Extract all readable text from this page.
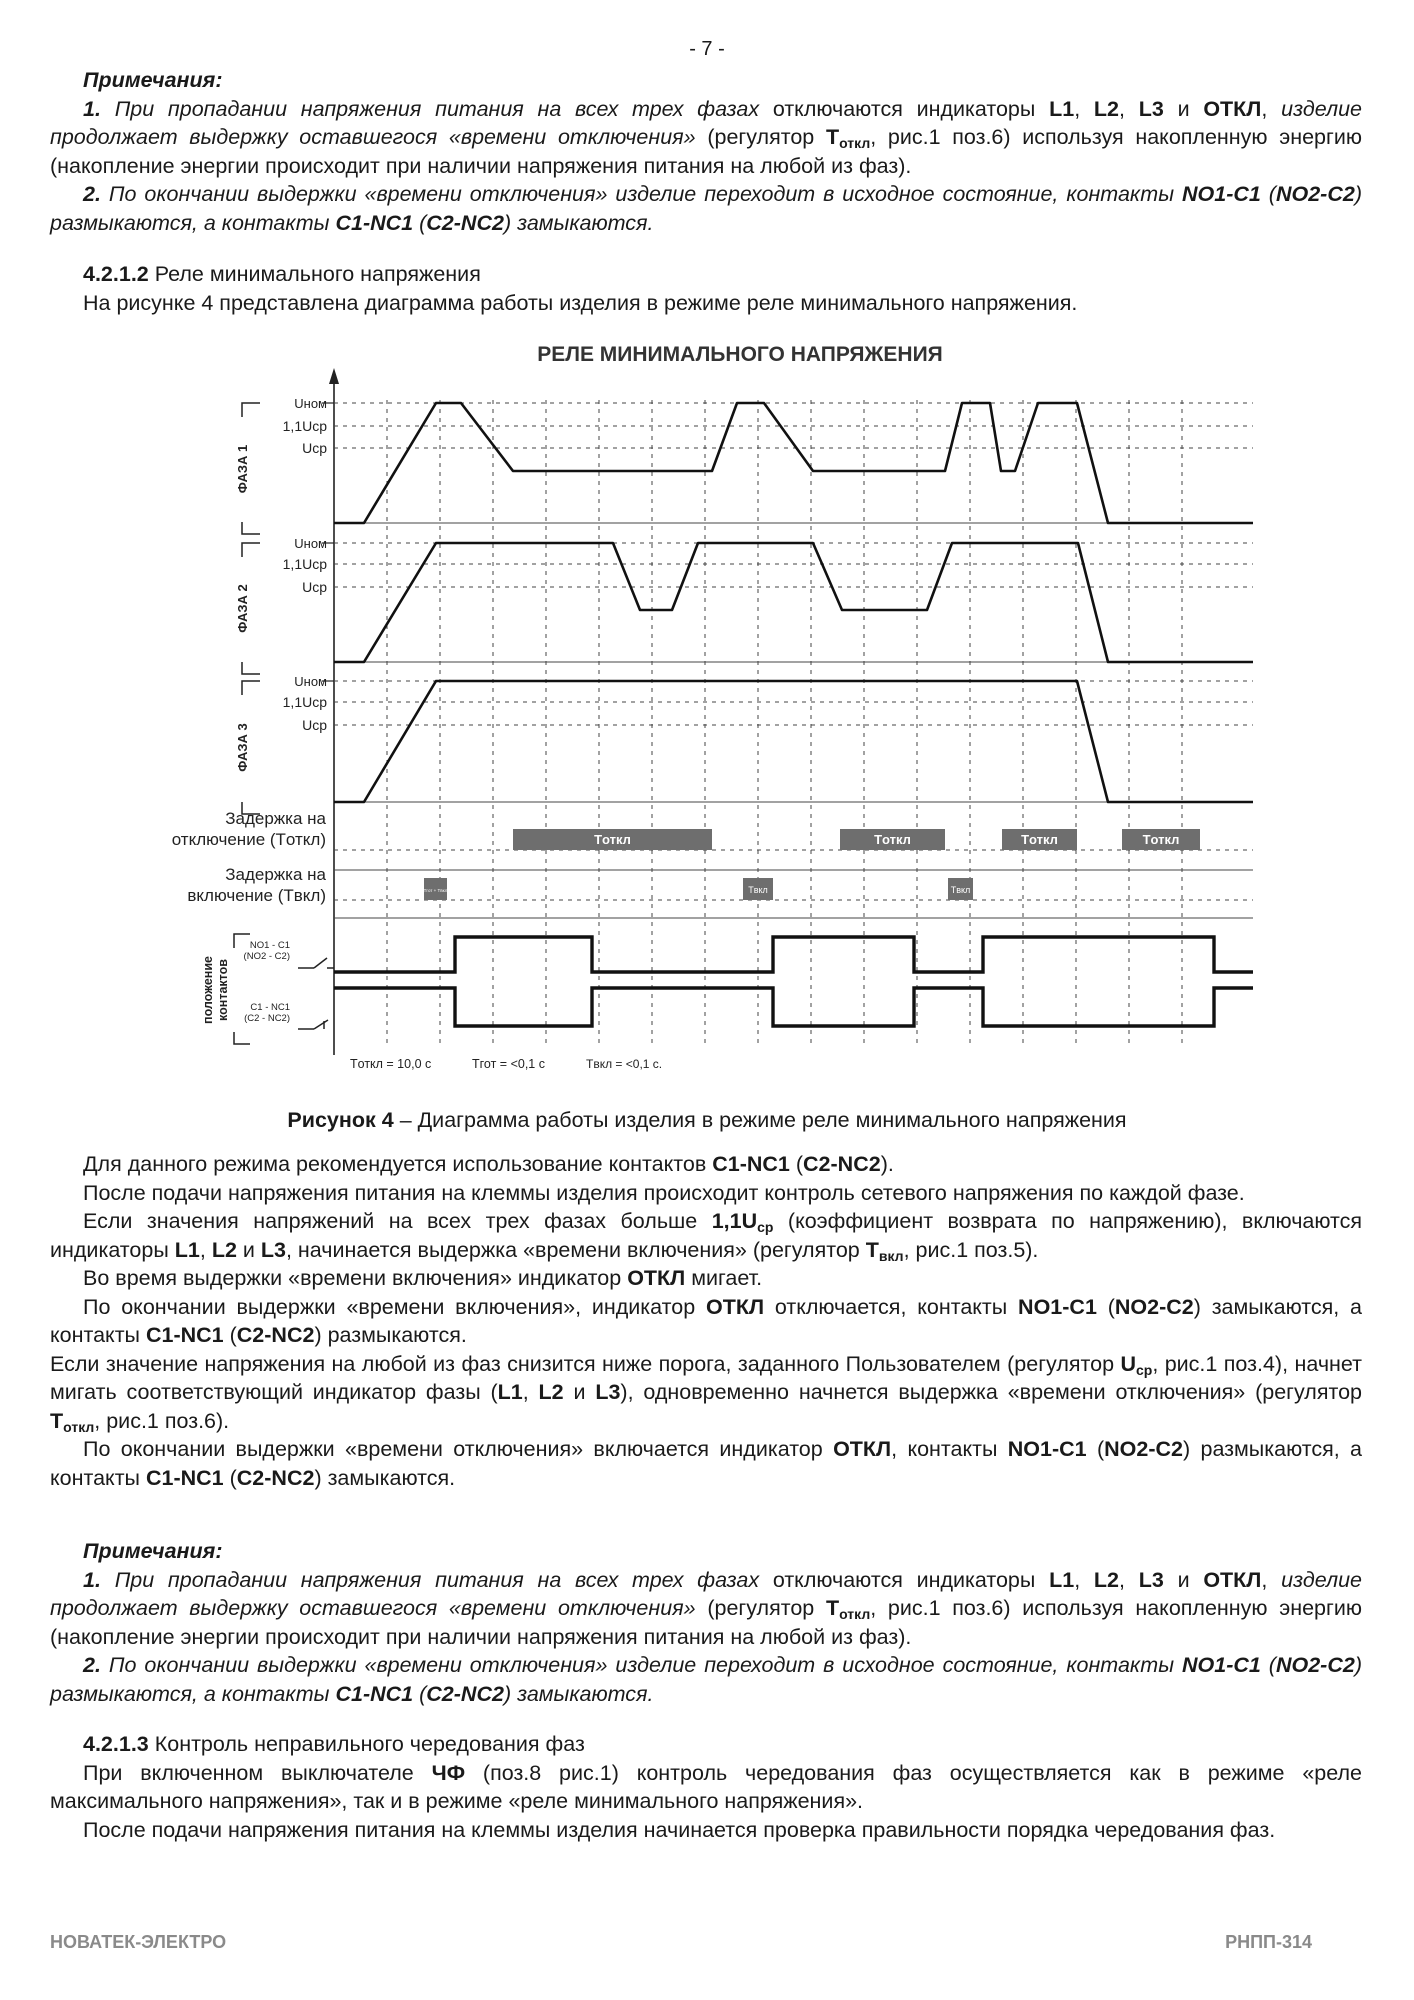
- 7 -

Примечания:

1. При пропадании напряжения питания на всех трех фазах отключаются индикаторы L1, L2, L3 и ОТКЛ, изделие продолжает выдержку оставшегося «времени отключения» (регулятор $Т_{откл}$, рис.1 поз.6) используя накопленную энергию (накопление энергии происходит при наличии напряжения питания на любой из фаз).

2. По окончании выдержки «времени отключения» изделие переходит в исходное состояние, контакты NO1-C1 (NO2-C2) размыкаются, а контакты C1-NC1 (C2-NC2) замыкаются.

4.2.1.2 Реле минимального напряжения

На рисунке 4 представлена диаграмма работы изделия в режиме реле минимального напряжения.

РЕЛЕ МИНИМАЛЬНОГО НАПРЯЖЕНИЯ
Uном
1,1Uср
Uср
ФАЗА 1
Uном
1,1Uср
Uср
ФАЗА 2
Uном
1,1Uср
Uср
ФАЗА 3
Задержка на
отключение (Tоткл)
Задержка на
включение (Tвкл)
Tоткл	Tоткл	Tоткл	Tоткл
Tгот + Tвкл	Tвкл	Tвкл
NO1 - C1
(NO2 - C2)
C1 - NC1
(C2 - NC2)
положение контактов
Tоткл = 10,0 с	Tгот = <0,1 с	Tвкл = <0,1 с.
Рисунок 4 – Диаграмма работы изделия в режиме реле минимального напряжения

Для данного режима рекомендуется использование контактов C1-NC1 (C2-NC2).

После подачи напряжения питания на клеммы изделия происходит контроль сетевого напряжения по каждой фазе.

Если значения напряжений на всех трех фазах больше $1,1U_{ср}$ (коэффициент возврата по напряжению), включаются индикаторы L1, L2 и L3, начинается выдержка «времени включения» (регулятор $Т_{вкл}$, рис.1 поз.5).

Во время выдержки «времени включения» индикатор ОТКЛ мигает.

По окончании выдержки «времени включения», индикатор ОТКЛ отключается, контакты NO1-C1 (NO2-C2) замыкаются, а контакты C1-NC1 (C2-NC2) размыкаются.

Если значение напряжения на любой из фаз снизится ниже порога, заданного Пользователем (регулятор $U_{ср}$, рис.1 поз.4), начнет мигать соответствующий индикатор фазы (L1, L2 и L3), одновременно начнется выдержка «времени отключения» (регулятор $Т_{откл}$, рис.1 поз.6).

По окончании выдержки «времени отключения» включается индикатор ОТКЛ, контакты NO1-C1 (NO2-C2) размыкаются, а контакты C1-NC1 (C2-NC2) замыкаются.

Примечания:

1. При пропадании напряжения питания на всех трех фазах отключаются индикаторы L1, L2, L3 и ОТКЛ, изделие продолжает выдержку оставшегося «времени отключения» (регулятор $Т_{откл}$, рис.1 поз.6) используя накопленную энергию (накопление энергии происходит при наличии напряжения питания на любой из фаз).

2. По окончании выдержки «времени отключения» изделие переходит в исходное состояние, контакты NO1-C1 (NO2-C2) размыкаются, а контакты C1-NC1 (C2-NC2) замыкаются.

4.2.1.3 Контроль неправильного чередования фаз

При включенном выключателе ЧФ (поз.8 рис.1) контроль чередования фаз осуществляется как в режиме «реле максимального напряжения», так и в режиме «реле минимального напряжения».

После подачи напряжения питания на клеммы изделия начинается проверка правильности порядка чередования фаз.

НОВАТЕК-ЭЛЕКТРО	РНПП-314
